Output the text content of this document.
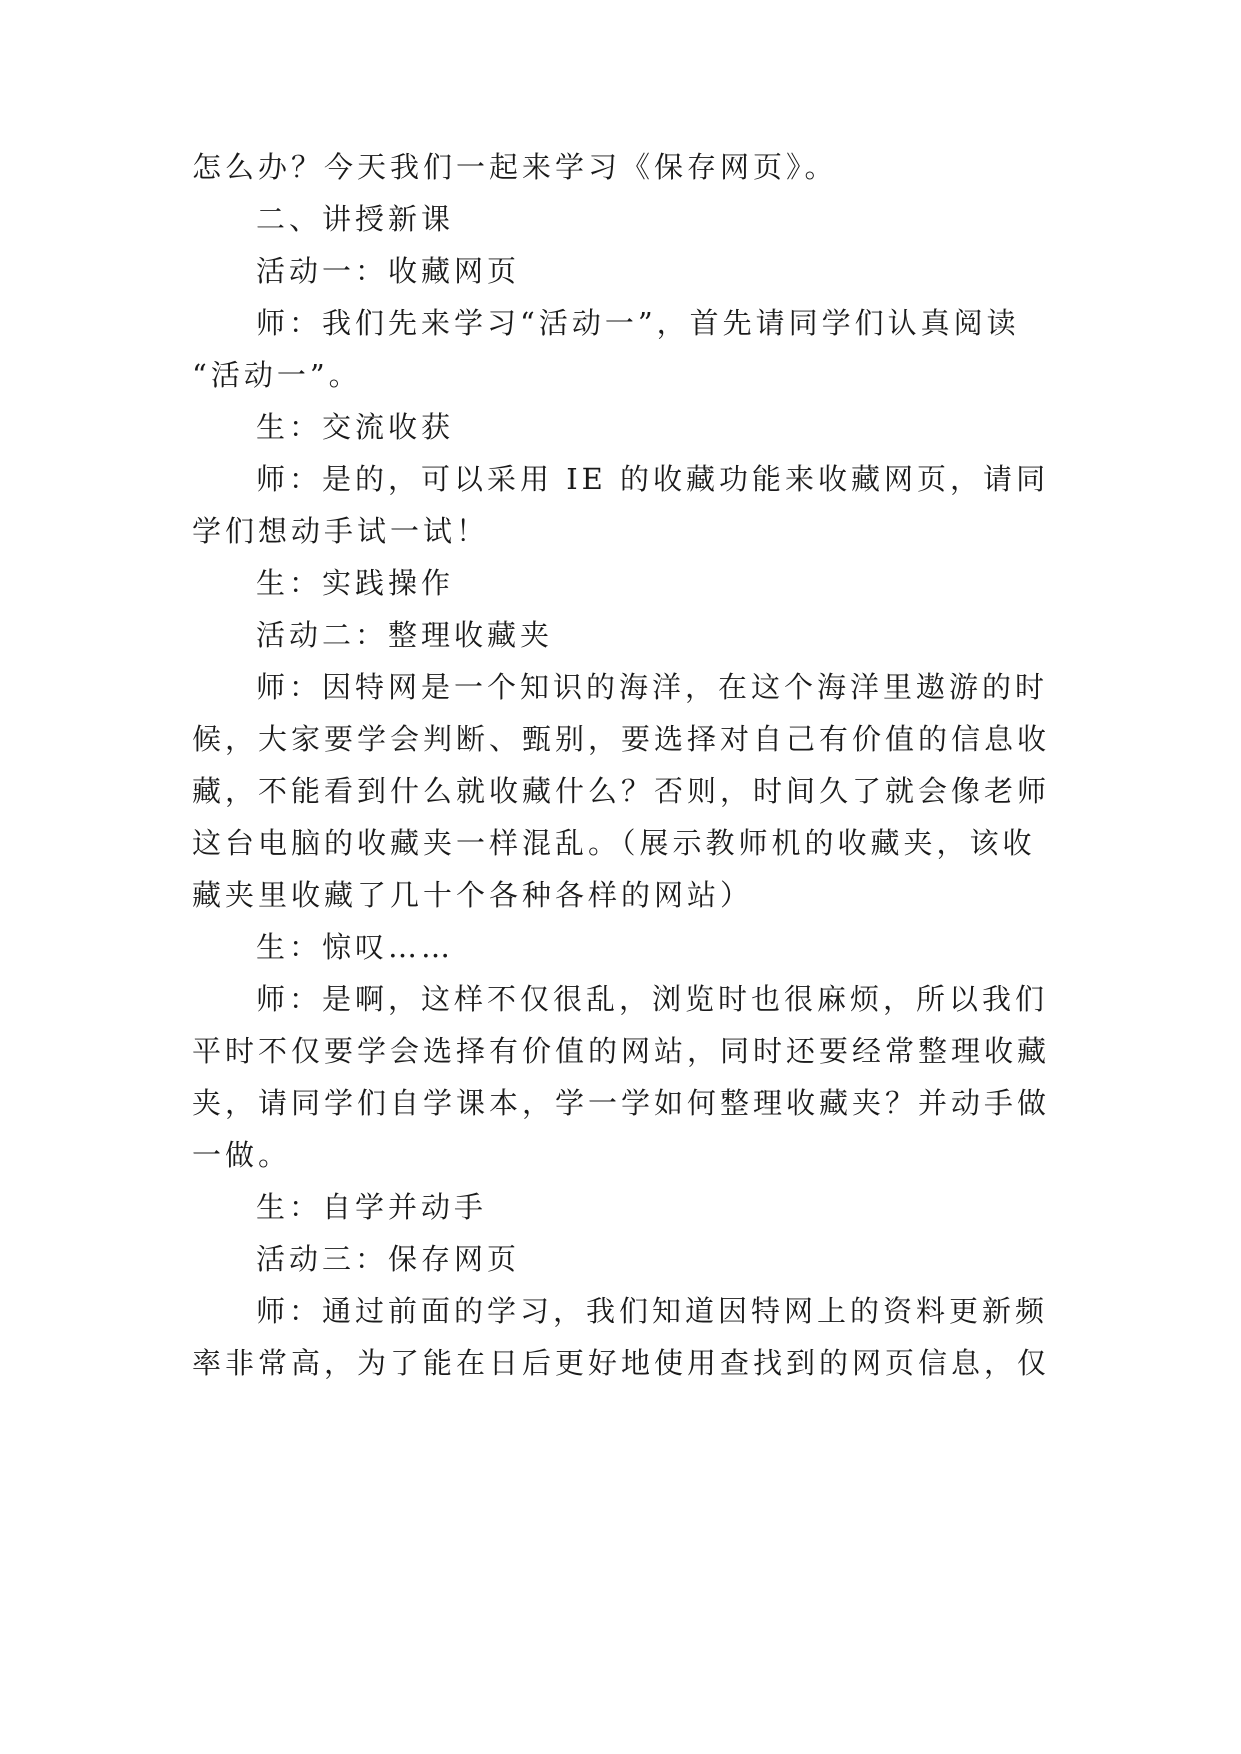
怎么办？今天我们一起来学习《保存网页》。
二、讲授新课
活动一：收藏网页
师：我们先来学习“活动一”，首先请同学们认真阅读
“活动一”。
生：交流收获
师：是的，可以采用 IE 的收藏功能来收藏网页，请同
学们想动手试一试！
生：实践操作
活动二：整理收藏夹
师：因特网是一个知识的海洋，在这个海洋里遨游的时
候，大家要学会判断、甄别，要选择对自己有价值的信息收
藏，不能看到什么就收藏什么？否则，时间久了就会像老师
这台电脑的收藏夹一样混乱。（展示教师机的收藏夹，该收
藏夹里收藏了几十个各种各样的网站）
生：惊叹……
师：是啊，这样不仅很乱，浏览时也很麻烦，所以我们
平时不仅要学会选择有价值的网站，同时还要经常整理收藏
夹，请同学们自学课本，学一学如何整理收藏夹？并动手做
一做。
生：自学并动手
活动三：保存网页
师：通过前面的学习，我们知道因特网上的资料更新频
率非常高，为了能在日后更好地使用查找到的网页信息，仅
